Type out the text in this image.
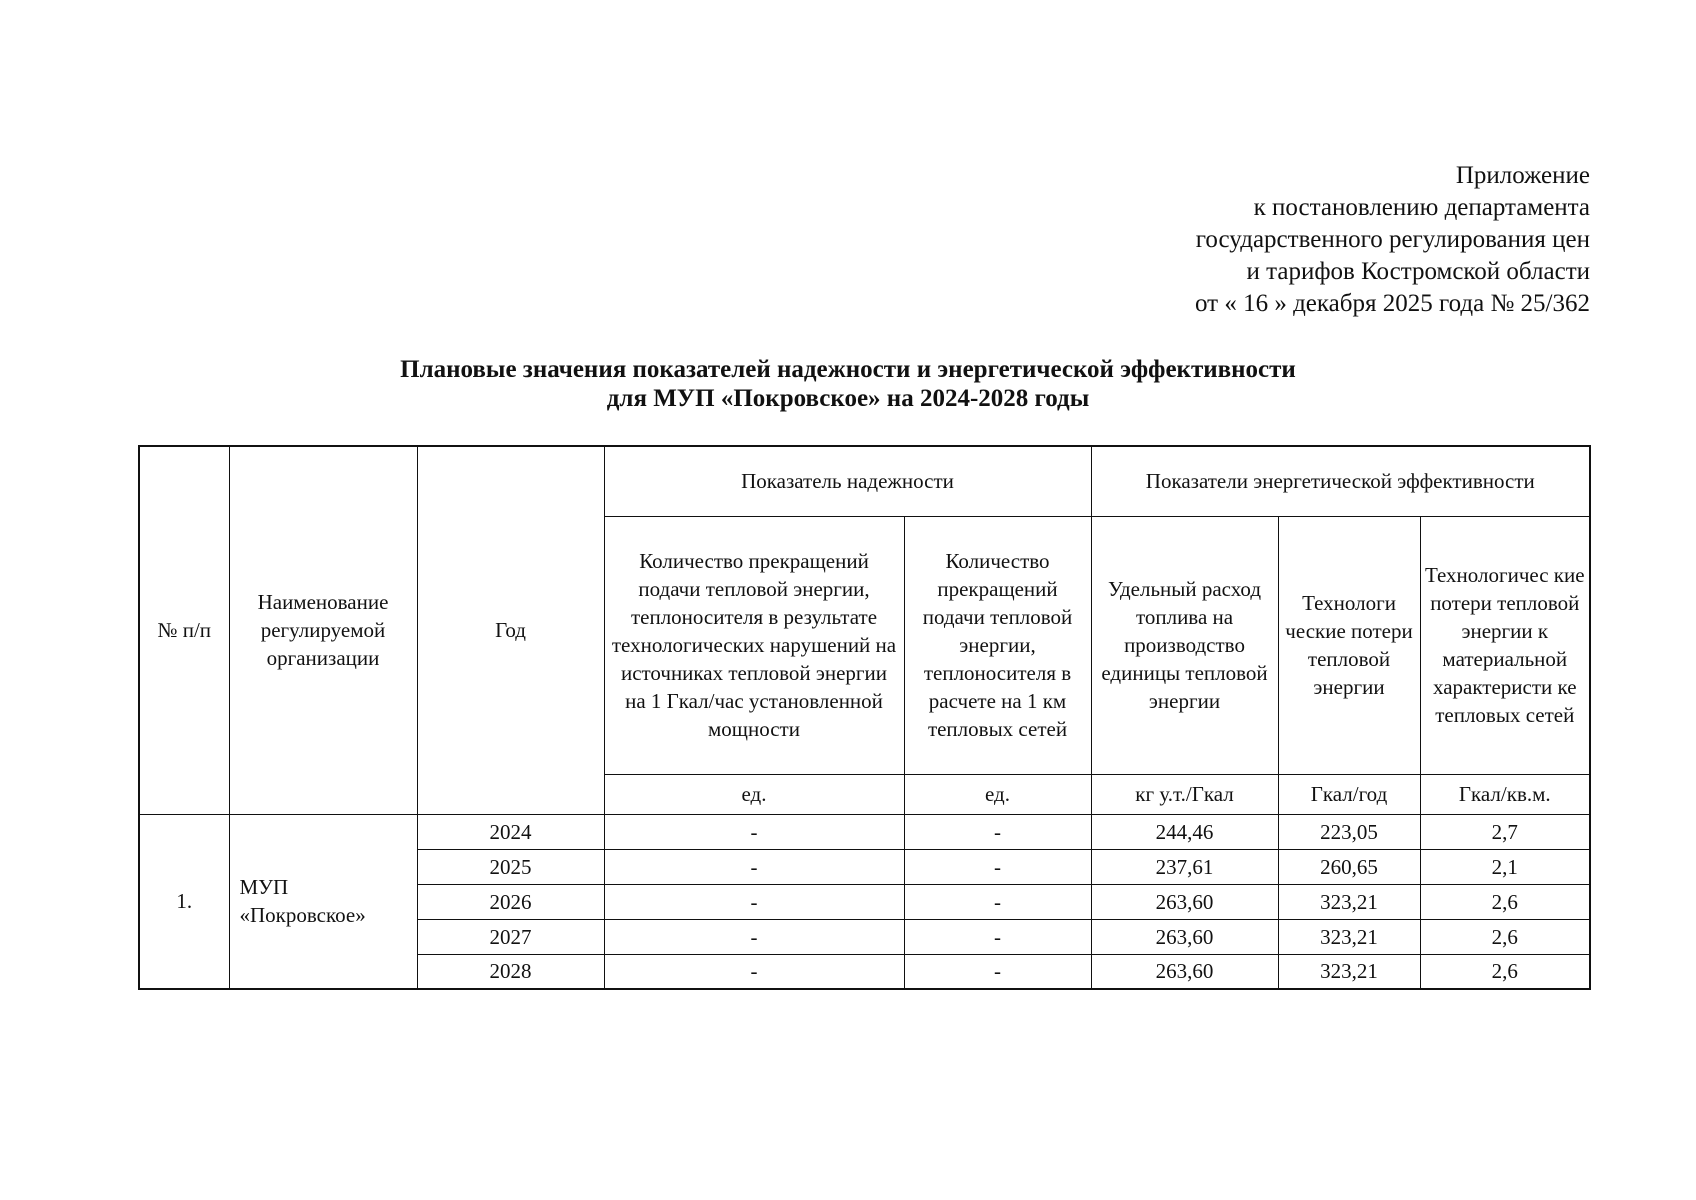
Приложение
к постановлению департамента
государственного регулирования цен
и тарифов Костромской области
от « 16 » декабря 2025 года № 25/362
Плановые значения показателей надежности и энергетической эффективности
для МУП «Покровское» на 2024-2028 годы
№ п/п	Наименование регулируемой организации	Год	Показатель надежности		Показатели энергетической эффективности		
			Количество прекращений подачи тепловой энергии, теплоносителя в результате технологических нарушений на источниках тепловой энергии на 1 Гкал/час установленной мощности	Количество прекращений подачи тепловой энергии, теплоносителя в расчете на 1 км тепловых сетей	Удельный расход топлива на производство единицы тепловой энергии	Технологи ческие потери тепловой энергии	Технологичес кие потери тепловой энергии к материальной характеристи ке тепловых сетей
			ед.	ед.	кг у.т./Гкал	Гкал/год	Гкал/кв.м.
1.	МУП «Покровское»	2024	-	-	244,46	223,05	2,7
		2025	-	-	237,61	260,65	2,1
		2026	-	-	263,60	323,21	2,6
		2027	-	-	263,60	323,21	2,6
		2028	-	-	263,60	323,21	2,6
